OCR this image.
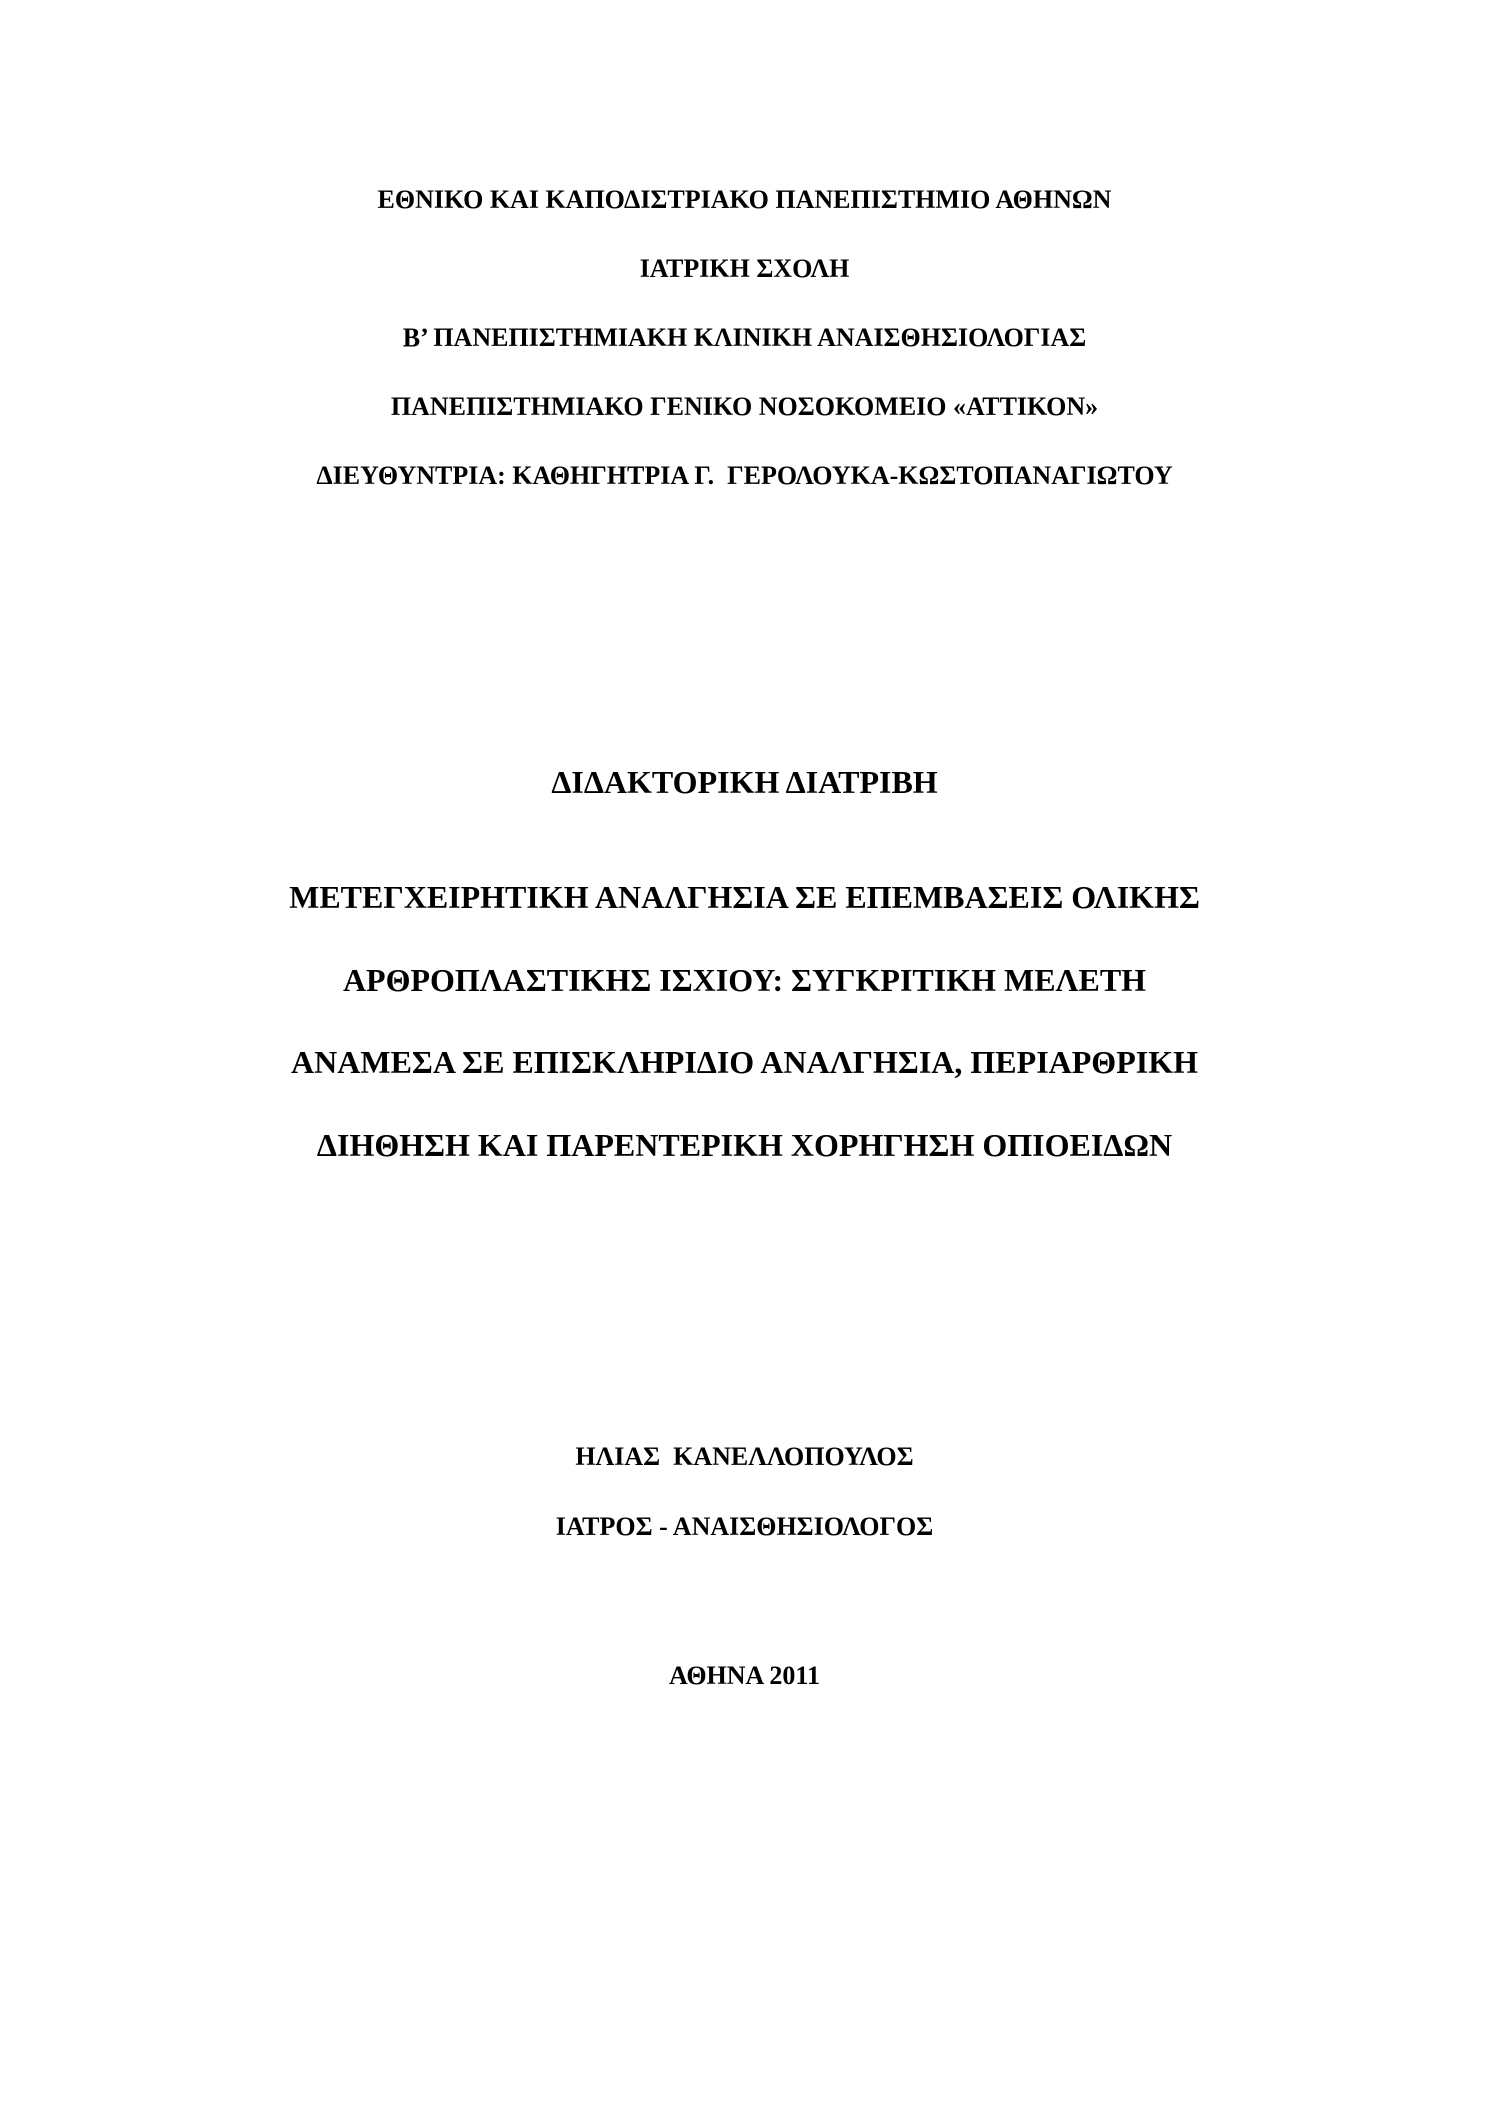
ΕΘΝΙΚΟ ΚΑΙ ΚΑΠΟΔΙΣΤΡΙΑΚΟ ΠΑΝΕΠΙΣΤΗΜΙΟ ΑΘΗΝΩΝ
ΙΑΤΡΙΚΗ ΣΧΟΛΗ
Β’ ΠΑΝΕΠΙΣΤΗΜΙΑΚΗ ΚΛΙΝΙΚΗ ΑΝΑΙΣΘΗΣΙΟΛΟΓΙΑΣ
ΠΑΝΕΠΙΣΤΗΜΙΑΚΟ ΓΕΝΙΚΟ ΝΟΣΟΚΟΜΕΙΟ «ΑΤΤΙΚΟΝ»
ΔΙΕΥΘΥΝΤΡΙΑ: ΚΑΘΗΓΗΤΡΙΑ Γ.  ΓΕΡΟΛΟΥΚΑ-ΚΩΣΤΟΠΑΝΑΓΙΩΤΟΥ
ΔΙΔΑΚΤΟΡΙΚΗ ΔΙΑΤΡΙΒΗ
ΜΕΤΕΓΧΕΙΡΗΤΙΚΗ ΑΝΑΛΓΗΣΙΑ ΣΕ ΕΠΕΜΒΑΣΕΙΣ ΟΛΙΚΗΣ
ΑΡΘΡΟΠΛΑΣΤΙΚΗΣ ΙΣΧΙΟΥ: ΣΥΓΚΡΙΤΙΚΗ ΜΕΛΕΤΗ
ΑΝΑΜΕΣΑ ΣΕ ΕΠΙΣΚΛΗΡΙΔΙΟ ΑΝΑΛΓΗΣΙΑ, ΠΕΡΙΑΡΘΡΙΚΗ
ΔΙΗΘΗΣΗ ΚΑΙ ΠΑΡΕΝΤΕΡΙΚΗ ΧΟΡΗΓΗΣΗ ΟΠΙΟΕΙΔΩΝ
ΗΛΙΑΣ  ΚΑΝΕΛΛΟΠΟΥΛΟΣ
ΙΑΤΡΟΣ - ΑΝΑΙΣΘΗΣΙΟΛΟΓΟΣ
ΑΘΗΝΑ 2011
